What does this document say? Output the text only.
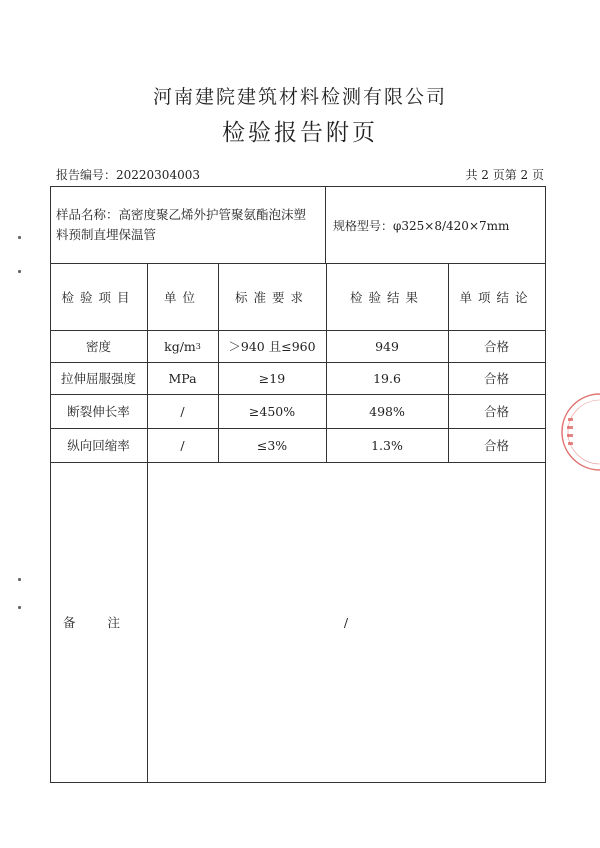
河南建院建筑材料检测有限公司
检验报告附页
报告编号：20220304003	共 2 页第 2 页
样品名称：高密度聚乙烯外护管聚氨酯泡沫塑
料预制直埋保温管
规格型号：φ325×8/420×7mm
检验项目	单位	标准要求	检验结果	单项结论
密度	kg/m 3	＞940 且≤960	949	合格
拉伸屈服强度	MPa	≥19	19.6	合格
断裂伸长率	/	≥450%	498%	合格
纵向回缩率	/	≤3%	1.3%	合格
备 注	/
